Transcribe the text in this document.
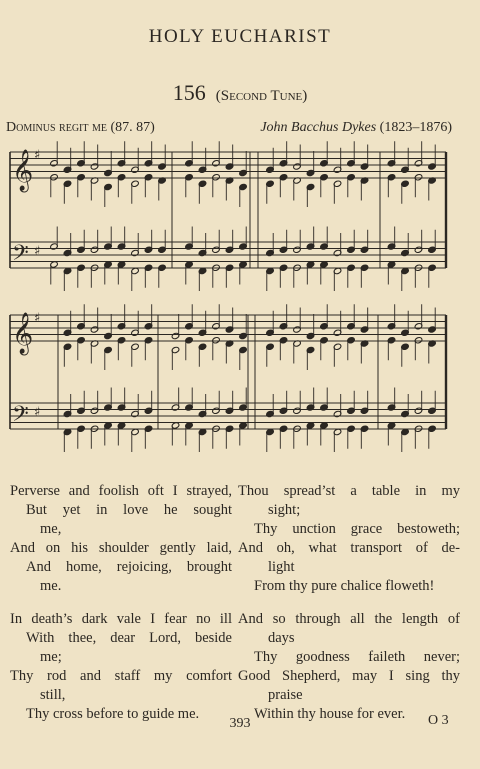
HOLY EUCHARIST
156 (Second Tune)
Dominus regit me (87. 87)	John Bacchus Dykes (1823–1876)
𝄞 ♯
𝄢 ♯
𝄞 ♯
𝄢 ♯
Perverse and foolish oft I strayed,
But yet in love he sought
me,
And on his shoulder gently laid,
And home, rejoicing, brought
me.
In death’s dark vale I fear no ill
With thee, dear Lord, beside
me;
Thy rod and staff my comfort
still,
Thy cross before to guide me.
Thou spread’st a table in my
sight;
Thy unction grace bestoweth;
And oh, what transport of de-
light
From thy pure chalice floweth!
And so through all the length of
days
Thy goodness faileth never;
Good Shepherd, may I sing thy
praise
Within thy house for ever.
393	O 3
